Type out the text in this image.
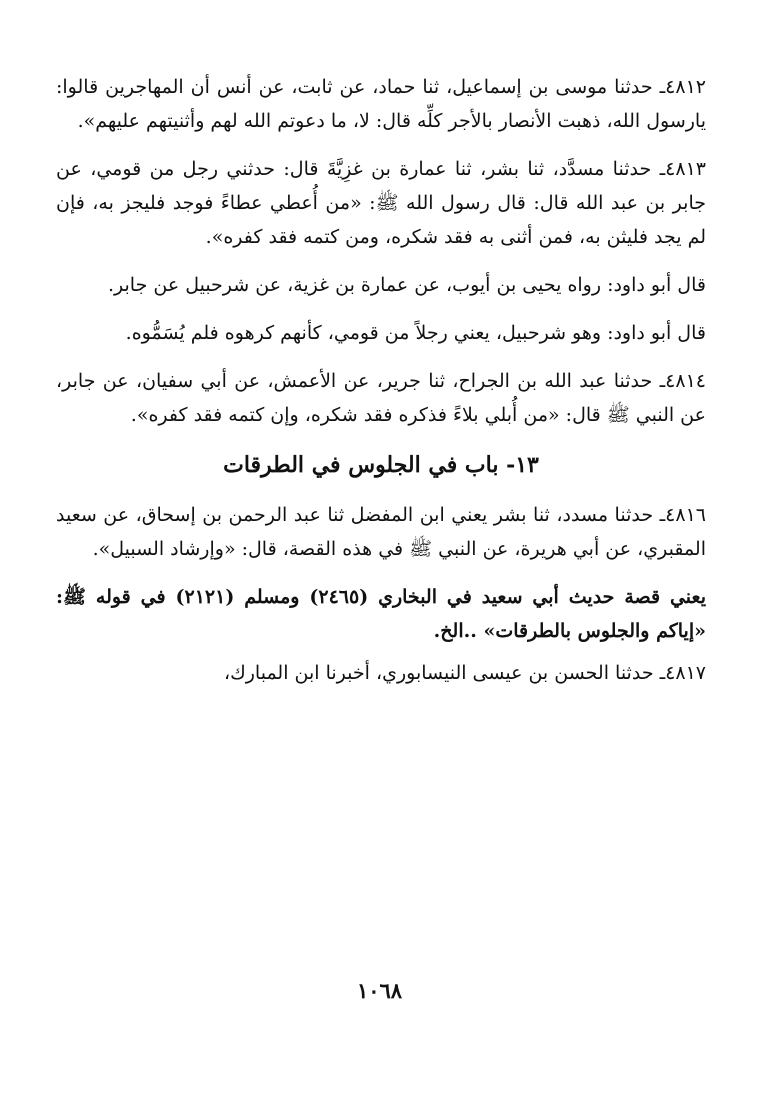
٤٨١٢ـ حدثنا موسى بن إسماعيل، ثنا حماد، عن ثابت، عن أنس أن المهاجرين قالوا: يارسول الله، ذهبت الأنصار بالأجر كلِّه قال: لا، ما دعوتم الله لهم وأثنيتهم عليهم».

٤٨١٣ـ حدثنا مسدَّد، ثنا بشر، ثنا عمارة بن غزِيَّةَ قال: حدثني رجل من قومي، عن جابر بن عبد الله قال: قال رسول الله ﷺ: «من أُعطي عطاءً فوجد فليجز به، فإن لم يجد فليثن به، فمن أثنى به فقد شكره، ومن كتمه فقد كفره».

قال أبو داود: رواه يحيى بن أيوب، عن عمارة بن غزية، عن شرحبيل عن جابر.

قال أبو داود: وهو شرحبيل، يعني رجلاً من قومي، كأنهم كرهوه فلم يُسَمُّوه.

٤٨١٤ـ حدثنا عبد الله بن الجراح، ثنا جرير، عن الأعمش، عن أبي سفيان، عن جابر، عن النبي ﷺ قال: «من أُبلي بلاءً فذكره فقد شكره، وإن كتمه فقد كفره».

١٣- باب في الجلوس في الطرقات

٤٨١٦ـ حدثنا مسدد، ثنا بشر يعني ابن المفضل ثنا عبد الرحمن بن إسحاق، عن سعيد المقبري، عن أبي هريرة، عن النبي ﷺ في هذه القصة، قال: «وإرشاد السبيل».

يعني قصة حديث أبي سعيد في البخاري (٢٤٦٥) ومسلم (٢١٢١) في قوله ﷺ: «إياكم والجلوس بالطرقات» ..الخ.

٤٨١٧ـ حدثنا الحسن بن عيسى النيسابوري، أخبرنا ابن المبارك،

١٠٦٨
